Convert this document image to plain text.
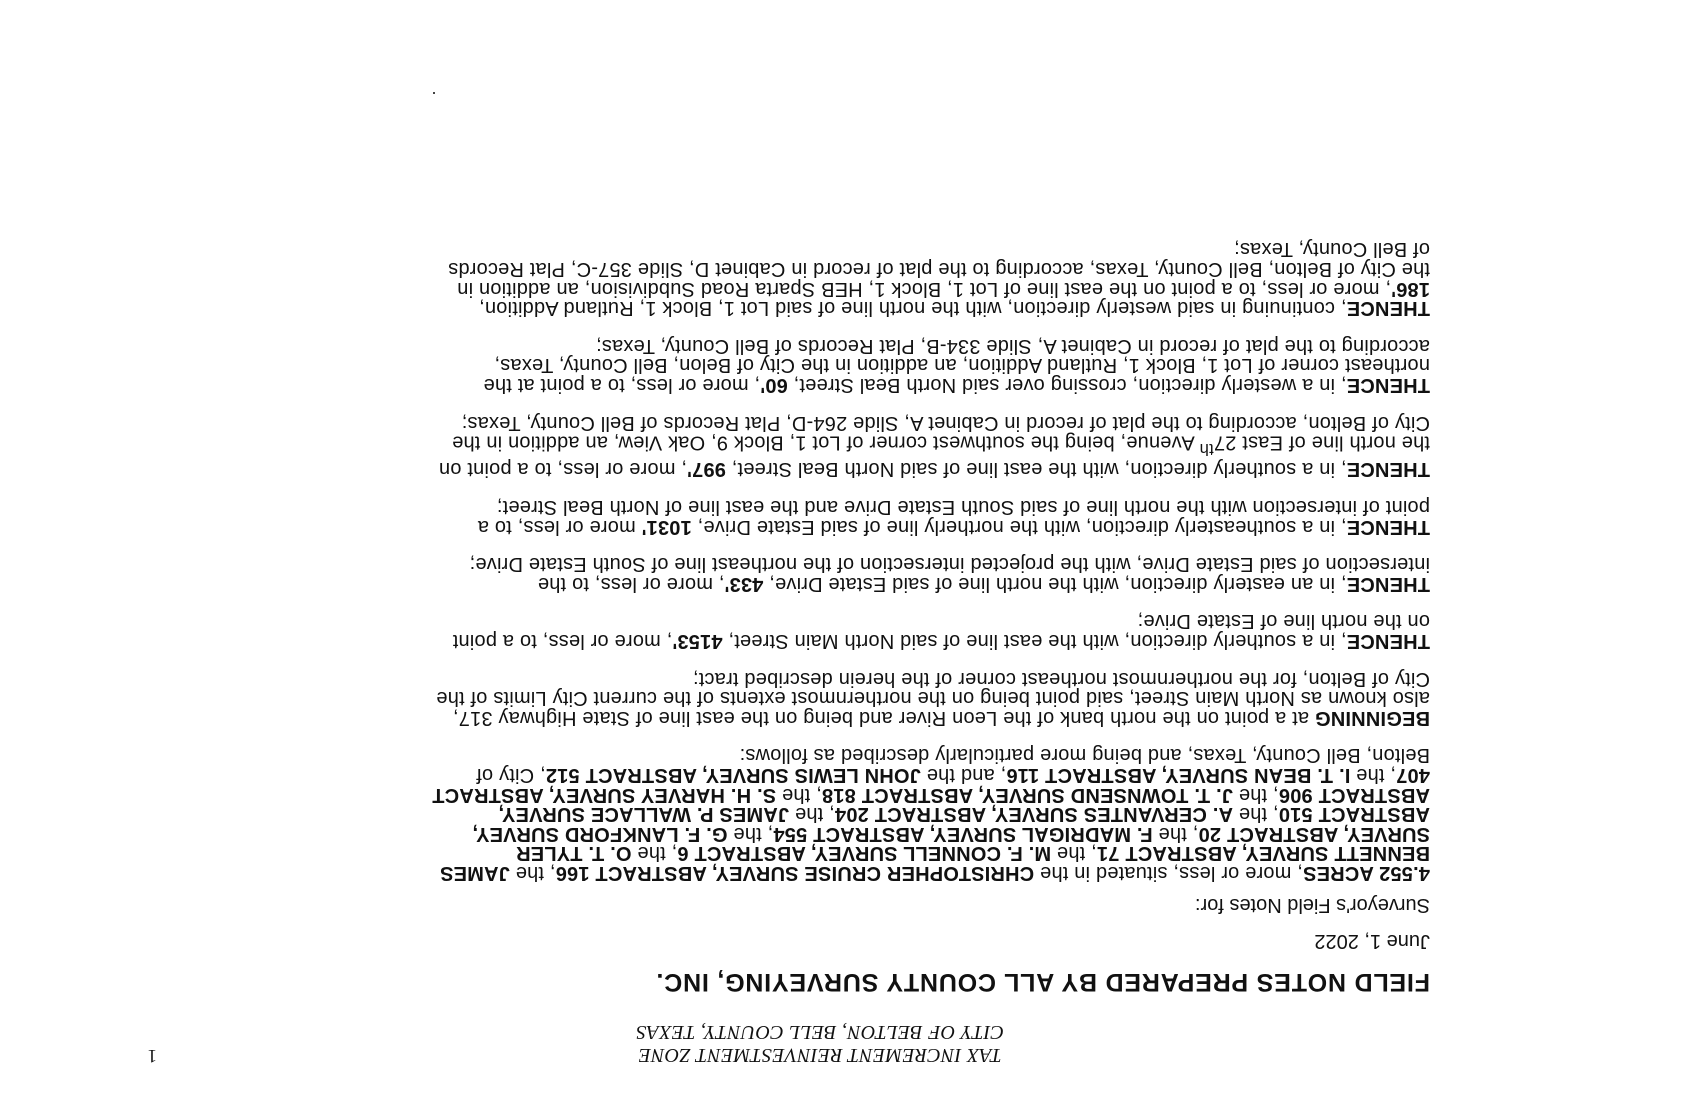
TAX INCREMENT REINVESTMENT ZONE
CITY OF BELTON, BELL COUNTY, TEXAS
1
FIELD NOTES PREPARED BY ALL COUNTY SURVEYING, INC.
June 1, 2022
Surveyor's Field Notes for:

4.552 ACRES, more or less, situated in the CHRISTOPHER CRUISE SURVEY, ABSTRACT 166, the JAMES BENNETT SURVEY, ABSTRACT 71, the M. F. CONNELL SURVEY, ABSTRACT 6, the O. T. TYLER SURVEY, ABSTRACT 20, the F. MADRIGAL SURVEY, ABSTRACT 554, the G. F. LANKFORD SURVEY, ABSTRACT 510, the A. CERVANTES SURVEY, ABSTRACT 204, the JAMES P. WALLACE SURVEY, ABSTRACT 906, the J. T. TOWNSEND SURVEY, ABSTRACT 818, the S. H. HARVEY SURVEY, ABSTRACT 407, the I. T. BEAN SURVEY, ABSTRACT 116, and the JOHN LEWIS SURVEY, ABSTRACT 512, City of Belton, Bell County, Texas, and being more particularly described as follows:

BEGINNING at a point on the north bank of the Leon River and being on the east line of State Highway 317, also known as North Main Street, said point being on the northernmost extents of the current City Limits of the City of Belton, for the northernmost northeast corner of the herein described tract;

THENCE, in a southerly direction, with the east line of said North Main Street, 4153', more or less, to a point on the north line of Estate Drive;

THENCE, in an easterly direction, with the north line of said Estate Drive, 433', more or less, to the intersection of said Estate Drive, with the projected intersection of the northeast line of South Estate Drive;

THENCE, in a southeasterly direction, with the northerly line of said Estate Drive, 1031' more or less, to a point of intersection with the north line of said South Estate Drive and the east line of North Beal Street;

THENCE, in a southerly direction, with the east line of said North Beal Street, 997', more or less, to a point on the north line of East 27th Avenue, being the southwest corner of Lot 1, Block 9, Oak View, an addition in the City of Belton, according to the plat of record in Cabinet A, Slide 264-D, Plat Records of Bell County, Texas;

THENCE, in a westerly direction, crossing over said North Beal Street, 60', more or less, to a point at the northeast corner of Lot 1, Block 1, Rutland Addition, an addition in the City of Belon, Bell County, Texas, according to the plat of record in Cabinet A, Slide 334-B, Plat Records of Bell County, Texas;

THENCE, continuing in said westerly direction, with the north line of said Lot 1, Block 1, Rutland Addition, 186', more or less, to a point on the east line of Lot 1, Block 1, HEB Sparta Road Subdivision, an addition in the City of Belton, Bell County, Texas, according to the plat of record in Cabinet D, Slide 357-C, Plat Records of Bell County, Texas;
